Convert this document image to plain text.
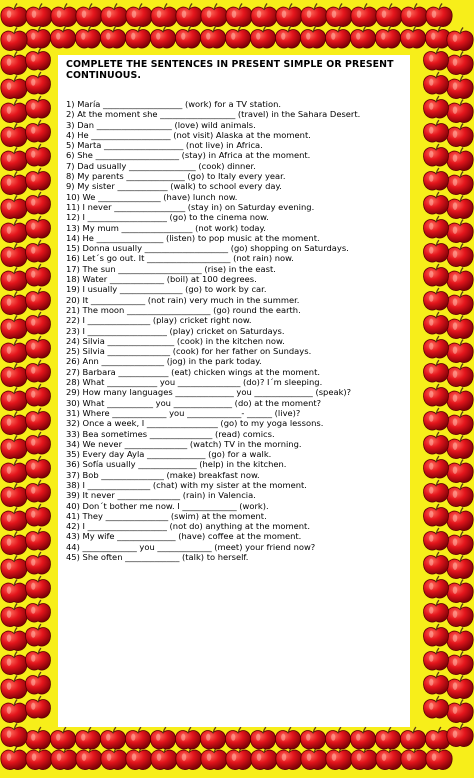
COMPLETE THE SENTENCES IN PRESENT SIMPLE OR PRESENT CONTINUOUS.
1) María ___________________ (work) for a TV station.
2) At the moment she __________________ (travel) in the Sahara Desert.
3) Dan __________________ (love) wild animals.
4) He ___________________ (not visit) Alaska at the moment.
5) Marta ___________________ (not live) in Africa.
6) She ____________________ (stay) in Africa at the moment.
7) Dad usually ________________ (cook) dinner.
8) My parents ______________ (go) to Italy every year.
9) My sister ____________ (walk) to school every day.
10) We _______________ (have) lunch now.
11) I never _________________ (stay in) on Saturday evening.
12) I ___________________ (go) to the cinema now.
13) My mum _________________ (not work) today.
14) He ________________ (listen) to pop music at the moment.
15) Donna usually ____________________ (go) shopping on Saturdays.
16) Let´s go out. It ____________________ (not rain) now.
17) The sun ____________________ (rise) in the east.
18) Water _____________ (boil) at 100 degrees.
19) I usually _______________ (go) to work by car.
20) It _____________ (not rain) very much in the summer.
21) The moon ____________________ (go) round the earth.
22) I _______________ (play) cricket right now.
23) I ___________________ (play) cricket on Saturdays.
24) Silvia ________________ (cook) in the kitchen now.
25) Silvia _______________ (cook) for her father on Sundays.
26) Ann _______________ (jog) in the park today.
27) Barbara ____________ (eat) chicken wings at the moment.
28) What ____________ you _______________ (do)? I´m sleeping.
29) How many languages ______________ you ______________ (speak)?
30) What ___________ you ______________ (do) at the moment?
31) Where _____________ you _____________- ______ (live)?
32) Once a week, I _________________ (go) to my yoga lessons.
33) Bea sometimes _______________ (read) comics.
34) We never _______________ (watch) TV in the morning.
35) Every day Ayla ______________ (go) for a walk.
36) Sofía usually ______________ (help) in the kitchen.
37) Bob _______________ (make) breakfast now.
38) I _______________ (chat) with my sister at the moment.
39) It never _______________ (rain) in Valencia.
40) Don´t bother me now. I _____________ (work).
41) They _______________ (swim) at the moment.
42) I ___________________ (not do) anything at the moment.
43) My wife ______________ (have) coffee at the moment.
44) _____________ you _____________ (meet) your friend now?
45) She often _____________ (talk) to herself.
